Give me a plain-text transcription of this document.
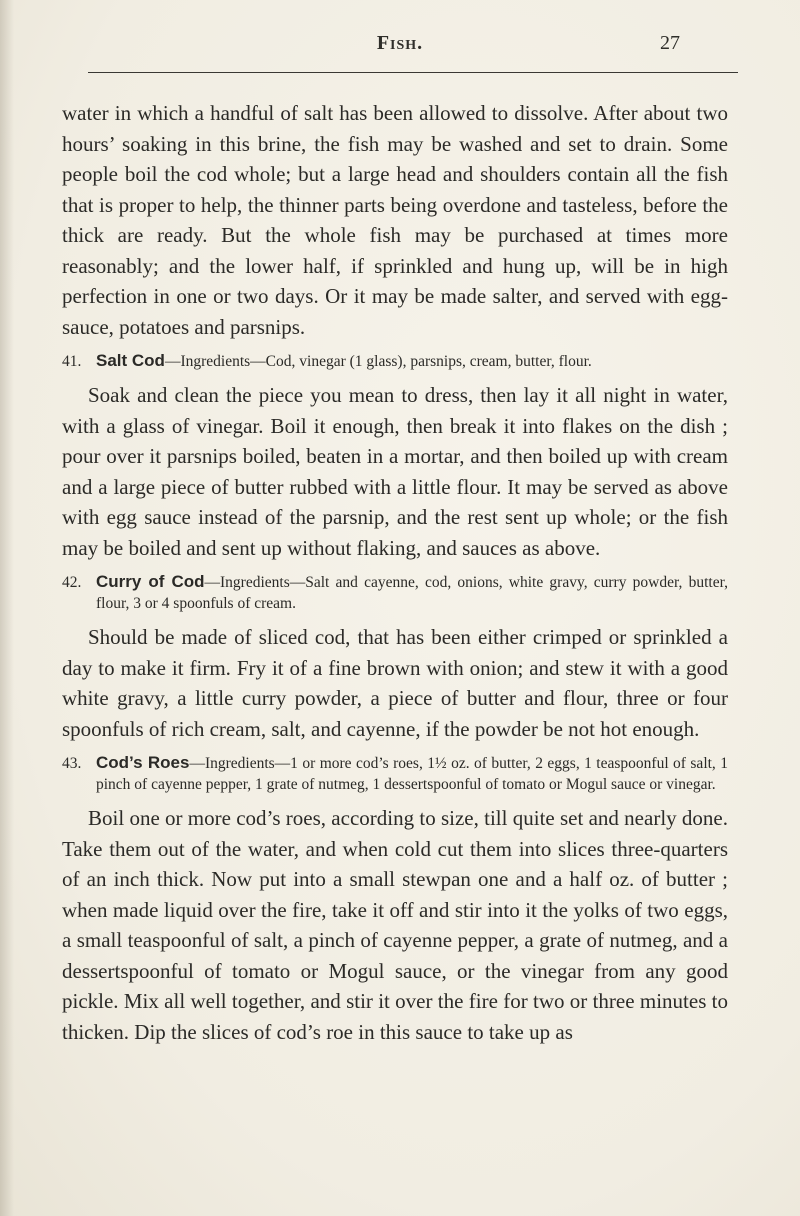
Fish.	27

water in which a handful of salt has been allowed to dissolve. After about two hours’ soaking in this brine, the fish may be washed and set to drain. Some people boil the cod whole; but a large head and shoulders contain all the fish that is proper to help, the thinner parts being overdone and tasteless, before the thick are ready. But the whole fish may be purchased at times more reasonably; and the lower half, if sprinkled and hung up, will be in high perfection in one or two days. Or it may be made salter, and served with egg-sauce, potatoes and parsnips.

41. Salt Cod—Ingredients—Cod, vinegar (1 glass), parsnips, cream, butter, flour.

Soak and clean the piece you mean to dress, then lay it all night in water, with a glass of vinegar. Boil it enough, then break it into flakes on the dish ; pour over it parsnips boiled, beaten in a mortar, and then boiled up with cream and a large piece of butter rubbed with a little flour. It may be served as above with egg sauce instead of the parsnip, and the rest sent up whole; or the fish may be boiled and sent up without flaking, and sauces as above.

42. Curry of Cod—Ingredients—Salt and cayenne, cod, onions, white gravy, curry powder, butter, flour, 3 or 4 spoonfuls of cream.

Should be made of sliced cod, that has been either crimped or sprinkled a day to make it firm. Fry it of a fine brown with onion; and stew it with a good white gravy, a little curry powder, a piece of butter and flour, three or four spoonfuls of rich cream, salt, and cayenne, if the powder be not hot enough.

43. Cod’s Roes—Ingredients—1 or more cod’s roes, 1½ oz. of butter, 2 eggs, 1 teaspoonful of salt, 1 pinch of cayenne pepper, 1 grate of nutmeg, 1 dessertspoonful of tomato or Mogul sauce or vinegar.

Boil one or more cod’s roes, according to size, till quite set and nearly done. Take them out of the water, and when cold cut them into slices three-quarters of an inch thick. Now put into a small stewpan one and a half oz. of butter ; when made liquid over the fire, take it off and stir into it the yolks of two eggs, a small teaspoonful of salt, a pinch of cayenne pepper, a grate of nutmeg, and a dessertspoonful of tomato or Mogul sauce, or the vinegar from any good pickle. Mix all well together, and stir it over the fire for two or three minutes to thicken. Dip the slices of cod’s roe in this sauce to take up as
